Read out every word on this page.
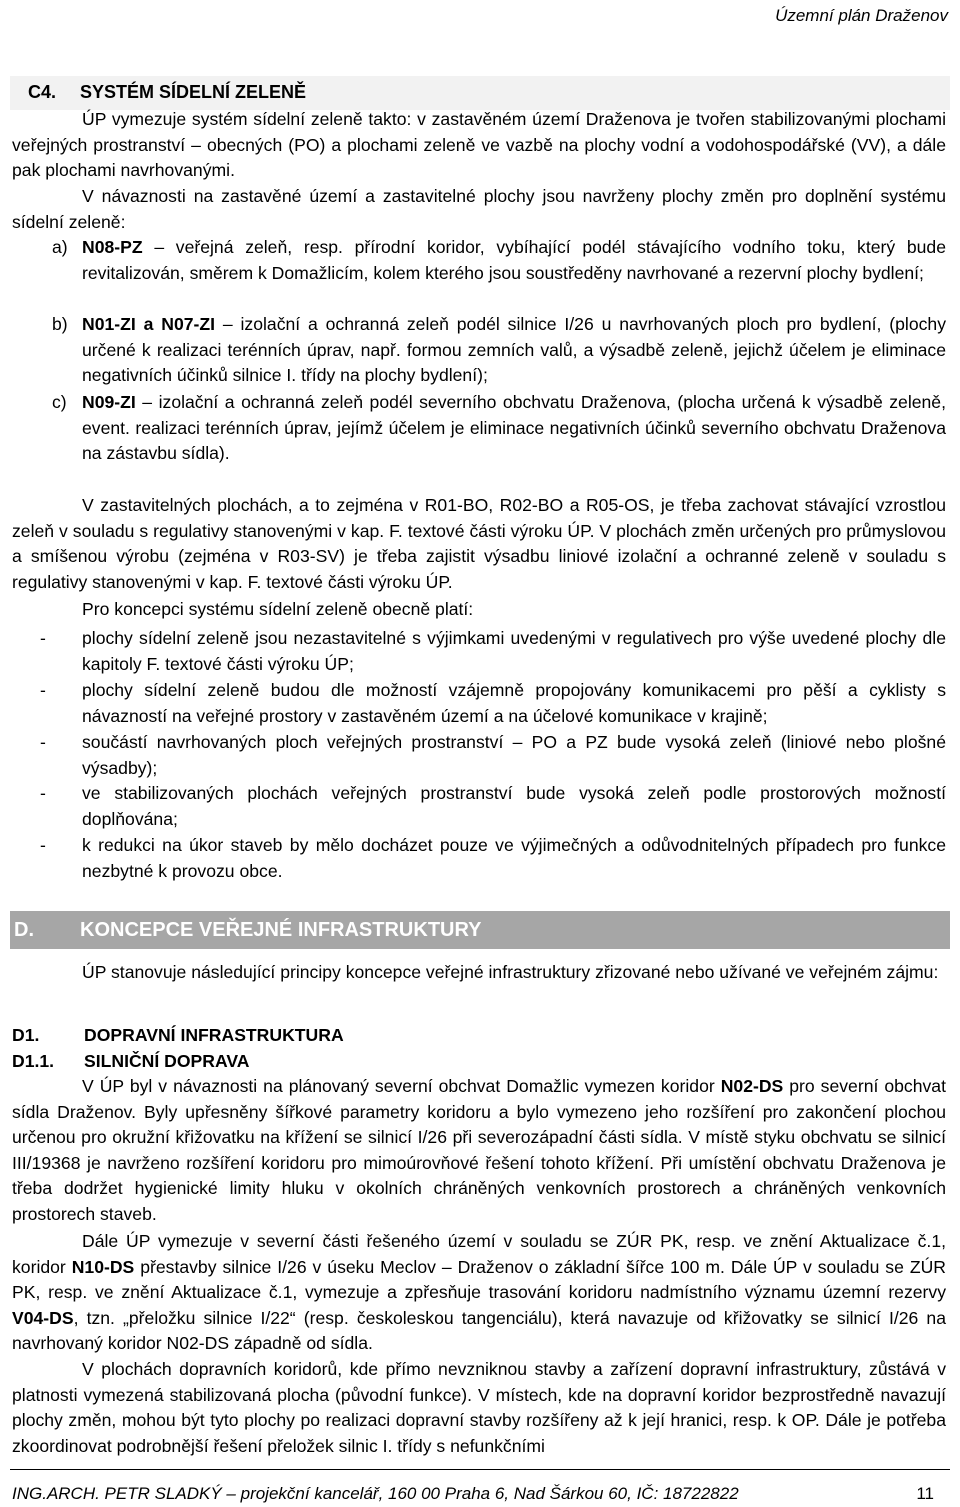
Územní plán Draženov
C4. SYSTÉM SÍDELNÍ ZELENĚ
ÚP vymezuje systém sídelní zeleně takto: v zastavěném území Draženova je tvořen stabilizovanými plochami veřejných prostranství – obecných (PO) a plochami zeleně ve vazbě na plochy vodní a vodohospodářské (VV), a dále pak plochami navrhovanými.
V návaznosti na zastavěné území a zastavitelné plochy jsou navrženy plochy změn pro doplnění systému sídelní zeleně:
a) N08-PZ – veřejná zeleň, resp. přírodní koridor, vybíhající podél stávajícího vodního toku, který bude revitalizován, směrem k Domažlicím, kolem kterého jsou soustředěny navrhované a rezervní plochy bydlení;
b) N01-ZI a N07-ZI – izolační a ochranná zeleň podél silnice I/26 u navrhovaných ploch pro bydlení, (plochy určené k realizaci terénních úprav, např. formou zemních valů, a výsadbě zeleně, jejichž účelem je eliminace negativních účinků silnice I. třídy na plochy bydlení);
c) N09-ZI – izolační a ochranná zeleň podél severního obchvatu Draženova, (plocha určená k výsadbě zeleně, event. realizaci terénních úprav, jejímž účelem je eliminace negativních účinků severního obchvatu Draženova na zástavbu sídla).
V zastavitelných plochách, a to zejména v R01-BO, R02-BO a R05-OS, je třeba zachovat stávající vzrostlou zeleň v souladu s regulativy stanovenými v kap. F. textové části výroku ÚP. V plochách změn určených pro průmyslovou a smíšenou výrobu (zejména v R03-SV) je třeba zajistit výsadbu liniové izolační a ochranné zeleně v souladu s regulativy stanovenými v kap. F. textové části výroku ÚP.
Pro koncepci systému sídelní zeleně obecně platí:
- plochy sídelní zeleně jsou nezastavitelné s výjimkami uvedenými v regulativech pro výše uvedené plochy dle kapitoly F. textové části výroku ÚP;
- plochy sídelní zeleně budou dle možností vzájemně propojovány komunikacemi pro pěší a cyklisty s návazností na veřejné prostory v zastavěném území a na účelové komunikace v krajině;
- součástí navrhovaných ploch veřejných prostranství – PO a PZ bude vysoká zeleň (liniové nebo plošné výsadby);
- ve stabilizovaných plochách veřejných prostranství bude vysoká zeleň podle prostorových možností doplňována;
- k redukci na úkor staveb by mělo docházet pouze ve výjimečných a odůvodnitelných případech pro funkce nezbytné k provozu obce.
D. KONCEPCE VEŘEJNÉ INFRASTRUKTURY
ÚP stanovuje následující principy koncepce veřejné infrastruktury zřizované nebo užívané ve veřejném zájmu:
D1.	DOPRAVNÍ INFRASTRUKTURA
D1.1. SILNIČNÍ DOPRAVA
V ÚP byl v návaznosti na plánovaný severní obchvat Domažlic vymezen koridor N02-DS pro severní obchvat sídla Draženov. Byly upřesněny šířkové parametry koridoru a bylo vymezeno jeho rozšíření pro zakončení plochou určenou pro okružní křižovatku na křížení se silnicí I/26 při severozápadní části sídla. V místě styku obchvatu se silnicí III/19368 je navrženo rozšíření koridoru pro mimoúrovňové řešení tohoto křížení. Při umístění obchvatu Draženova je třeba dodržet hygienické limity hluku v okolních chráněných venkovních prostorech a chráněných venkovních prostorech staveb.
Dále ÚP vymezuje v severní části řešeného území v souladu se ZÚR PK, resp. ve znění Aktualizace č.1, koridor N10-DS přestavby silnice I/26 v úseku Meclov – Draženov o základní šířce 100 m. Dále ÚP v souladu se ZÚR PK, resp. ve znění Aktualizace č.1, vymezuje a zpřesňuje trasování koridoru nadmístního významu územní rezervy V04-DS, tzn. „přeložku silnice I/22“ (resp. českoleskou tangenciálu), která navazuje od křižovatky se silnicí I/26 na navrhovaný koridor N02-DS západně od sídla.
V plochách dopravních koridorů, kde přímo nevzniknou stavby a zařízení dopravní infrastruktury, zůstává v platnosti vymezená stabilizovaná plocha (původní funkce). V místech, kde na dopravní koridor bezprostředně navazují plochy změn, mohou být tyto plochy po realizaci dopravní stavby rozšířeny až k její hranici, resp. k OP. Dále je potřeba zkoordinovat podrobnější řešení přeložek silnic I. třídy s nefunkčními
ING.ARCH. PETR SLADKÝ – projekční kancelář, 160 00 Praha 6, Nad Šárkou 60, IČ: 18722822	11
